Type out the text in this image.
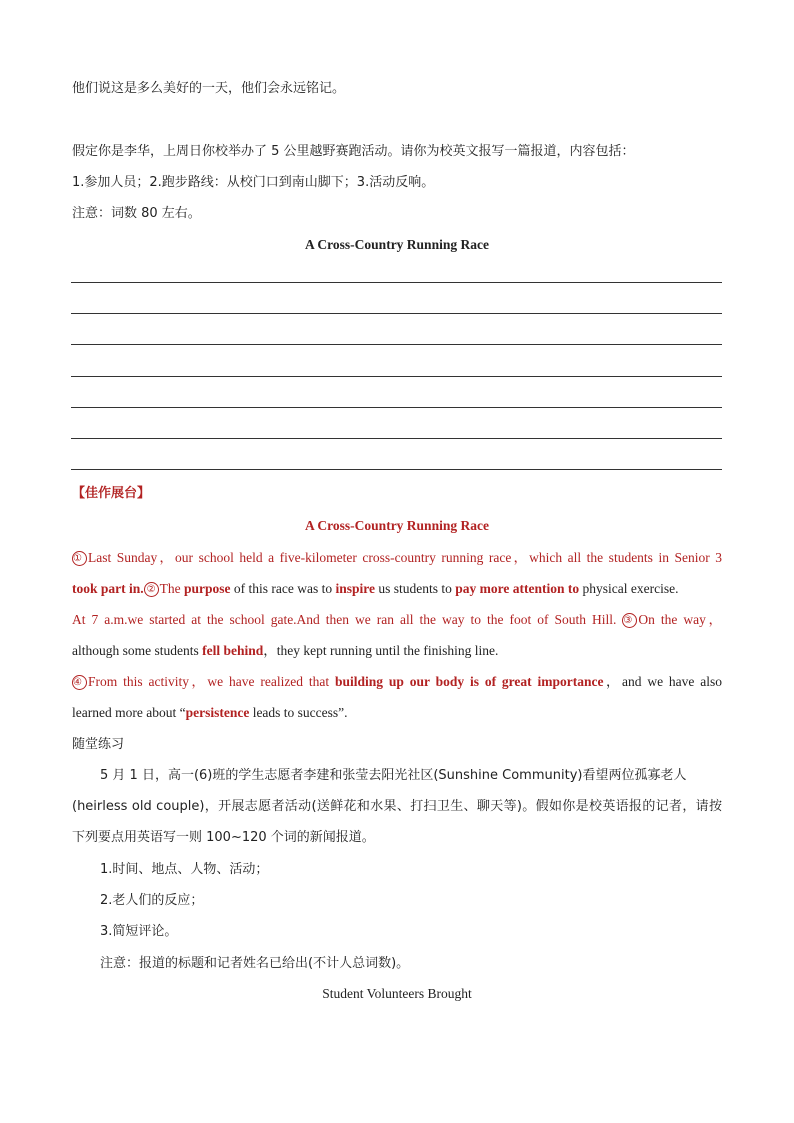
他们说这是多么美好的一天，他们会永远铭记。
假定你是李华，上周日你校举办了 5 公里越野赛跑活动。请你为校英文报写一篇报道，内容包括：
1.参加人员；2.跑步路线：从校门口到南山脚下；3.活动反响。
注意：词数 80 左右。
A Cross-Country Running Race
【佳作展台】
A Cross-Country Running Race
① Last Sunday，our school held a five-kilometer cross-country running race，which all the students in Senior 3
took part in. ② The purpose of this race was to inspire us students to pay more attention to physical exercise.
At 7 a.m.we started at the school gate.And then we ran all the way to the foot of South Hill. ③ On the way，
although some students fell behind，they kept running until the finishing line.
④ From this activity，we have realized that building up our body is of great importance，and we have also
learned more about “persistence leads to success”.
随堂练习
5 月 1 日，高一(6)班的学生志愿者李建和张莹去阳光社区(Sunshine Community)看望两位孤寡老人
(heirless old couple)，开展志愿者活动(送鲜花和水果、打扫卫生、聊天等)。假如你是校英语报的记者，请按
下列要点用英语写一则 100~120 个词的新闻报道。
1.时间、地点、人物、活动；
2.老人们的反应；
3.简短评论。
注意：报道的标题和记者姓名已给出(不计人总词数)。
Student Volunteers Brought
